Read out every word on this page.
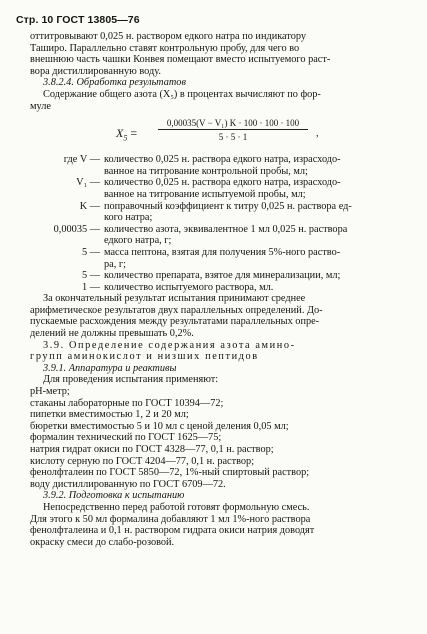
Стр. 10 ГОСТ 13805—76
оттитровывают 0,025 н. раствором едкого натра по индикатору
Таширо. Параллельно ставят контрольную пробу, для чего во
внешнюю часть чашки Конвея помещают вместо испытуемого раст-
вора дистиллированную воду.
3.8.2.4. Обработка результатов
Содержание общего азота (X₅) в процентах вычисляют по фор-
муле
$X_5 = \frac{\text{0,00035(V − V₁) K · 100 · 100 · 100}}{5 \cdot 5 \cdot 1}$ ,
где V — количество 0,025 н. раствора едкого натра, израсходо-
ванное на титрование контрольной пробы, мл;
V₁ — количество 0,025 н. раствора едкого натра, израсходо-
ванное на титрование испытуемой пробы, мл;
K — поправочный коэффициент к титру 0,025 н. раствора ед-
кого натра;
0,00035 — количество азота, эквивалентное 1 мл 0,025 н. раствора
едкого натра, г;
5 — масса пептона, взятая для получения 5%-ного раство-
ра, г;
5 — количество препарата, взятое для минерализации, мл;
1 — количество испытуемого раствора, мл.
За окончательный результат испытания принимают среднее
арифметическое результатов двух параллельных определений. До-
пускаемые расхождения между результатами параллельных опре-
делений не должны превышать 0,2%.
3.9. Определение содержания азота амино-
групп аминокислот и низших пептидов
3.9.1. Аппаратура и реактивы
Для проведения испытания применяют:
pH-метр;
стаканы лабораторные по ГОСТ 10394—72;
пипетки вместимостью 1, 2 и 20 мл;
бюретки вместимостью 5 и 10 мл с ценой деления 0,05 мл;
формалин технический по ГОСТ 1625—75;
натрия гидрат окиси по ГОСТ 4328—77, 0,1 н. раствор;
кислоту серную по ГОСТ 4204—77, 0,1 н. раствор;
фенолфталеин по ГОСТ 5850—72, 1%-ный спиртовый раствор;
воду дистиллированную по ГОСТ 6709—72.
3.9.2. Подготовка к испытанию
Непосредственно перед работой готовят формольную смесь.
Для этого к 50 мл формалина добавляют 1 мл 1%-ного раствора
фенолфталеина и 0,1 н. раствором гидрата окиси натрия доводят
окраску смеси до слабо-розовой.
